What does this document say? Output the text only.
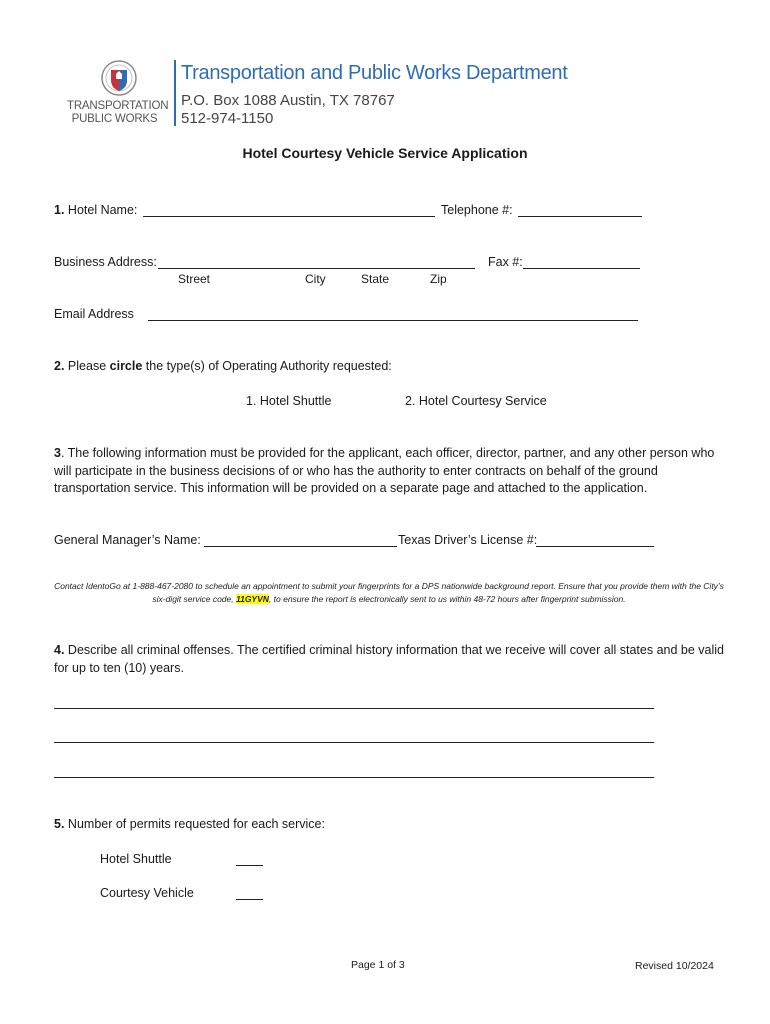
TRANSPORTATION
PUBLIC WORKS
Transportation and Public Works Department
P.O. Box 1088 Austin, TX 78767
512-974-1150
Hotel Courtesy Vehicle Service Application
1. Hotel Name:	Telephone #:
Business Address:	Fax #:
Street	City	State	Zip
Email Address
2. Please circle the type(s) of Operating Authority requested:
1. Hotel Shuttle	2. Hotel Courtesy Service
3. The following information must be provided for the applicant, each officer, director, partner, and any other person who will participate in the business decisions of or who has the authority to enter contracts on behalf of the ground transportation service. This information will be provided on a separate page and attached to the application.
General Manager’s Name:	Texas Driver’s License #:
Contact IdentoGo at 1-888-467-2080 to schedule an appointment to submit your fingerprints for a DPS nationwide background report. Ensure that you provide them with the City’s six-digit service code, 11GYVN, to ensure the report is electronically sent to us within 48-72 hours after fingerprint submission.
4. Describe all criminal offenses. The certified criminal history information that we receive will cover all states and be valid for up to ten (10) years.
5. Number of permits requested for each service:
Hotel Shuttle
Courtesy Vehicle
Page 1 of 3	Revised 10/2024
